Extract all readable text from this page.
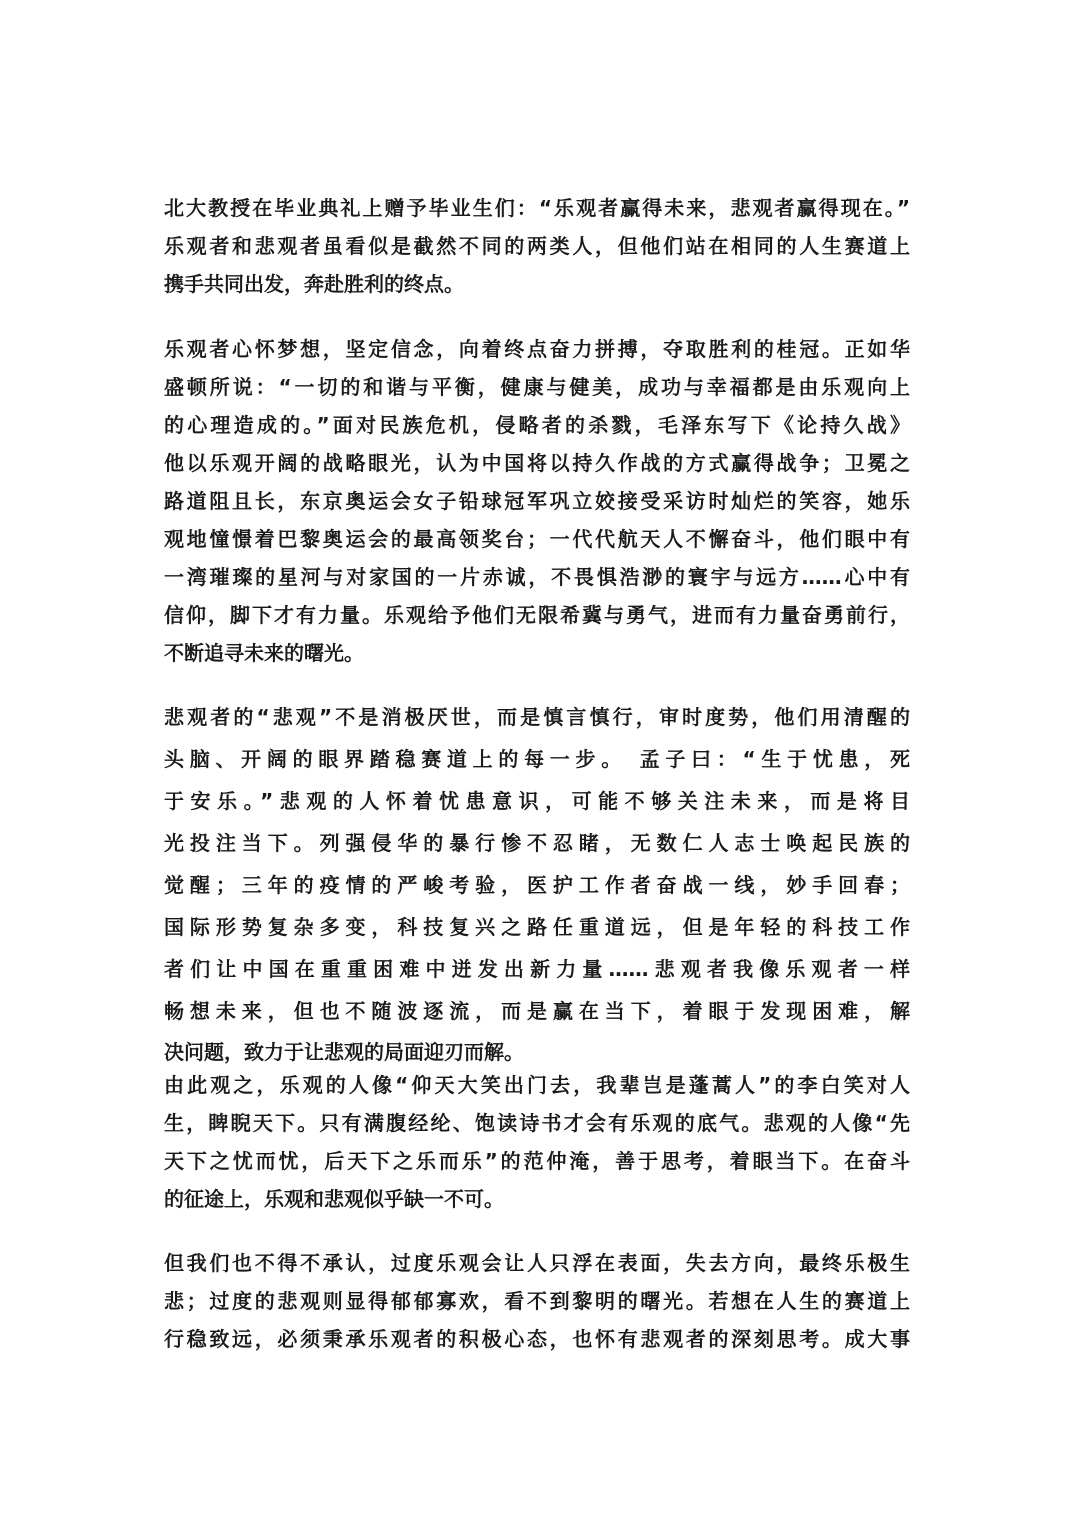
北大教授在毕业典礼上赠予毕业生们：“乐观者赢得未来，悲观者赢得现在。”
乐观者和悲观者虽看似是截然不同的两类人，但他们站在相同的人生赛道上
携手共同出发，奔赴胜利的终点。
乐观者心怀梦想，坚定信念，向着终点奋力拼搏，夺取胜利的桂冠。正如华
盛顿所说：“一切的和谐与平衡，健康与健美，成功与幸福都是由乐观向上
的心理造成的。”面对民族危机，侵略者的杀戮，毛泽东写下《论持久战》
他以乐观开阔的战略眼光，认为中国将以持久作战的方式赢得战争；卫冕之
路道阻且长，东京奥运会女子铅球冠军巩立姣接受采访时灿烂的笑容，她乐
观地憧憬着巴黎奥运会的最高领奖台；一代代航天人不懈奋斗，他们眼中有
一湾璀璨的星河与对家国的一片赤诚，不畏惧浩渺的寰宇与远方……心中有
信仰，脚下才有力量。乐观给予他们无限希冀与勇气，进而有力量奋勇前行，
不断追寻未来的曙光。
悲观者的“悲观”不是消极厌世，而是慎言慎行，审时度势，他们用清醒的
头脑、开阔的眼界踏稳赛道上的每一步。 孟子曰：“生于忧患，死
于安乐。”悲观的人怀着忧患意识，可能不够关注未来，而是将目
光投注当下。列强侵华的暴行惨不忍睹，无数仁人志士唤起民族的
觉醒；三年的疫情的严峻考验，医护工作者奋战一线，妙手回春；
国际形势复杂多变，科技复兴之路任重道远，但是年轻的科技工作
者们让中国在重重困难中迸发出新力量……悲观者我像乐观者一样
畅想未来，但也不随波逐流，而是赢在当下，着眼于发现困难，解
决问题，致力于让悲观的局面迎刃而解。
由此观之，乐观的人像“仰天大笑出门去，我辈岂是蓬蒿人”的李白笑对人
生，睥睨天下。只有满腹经纶、饱读诗书才会有乐观的底气。悲观的人像“先
天下之忧而忧，后天下之乐而乐”的范仲淹，善于思考，着眼当下。在奋斗
的征途上，乐观和悲观似乎缺一不可。
但我们也不得不承认，过度乐观会让人只浮在表面，失去方向，最终乐极生
悲；过度的悲观则显得郁郁寡欢，看不到黎明的曙光。若想在人生的赛道上
行稳致远，必须秉承乐观者的积极心态，也怀有悲观者的深刻思考。成大事
